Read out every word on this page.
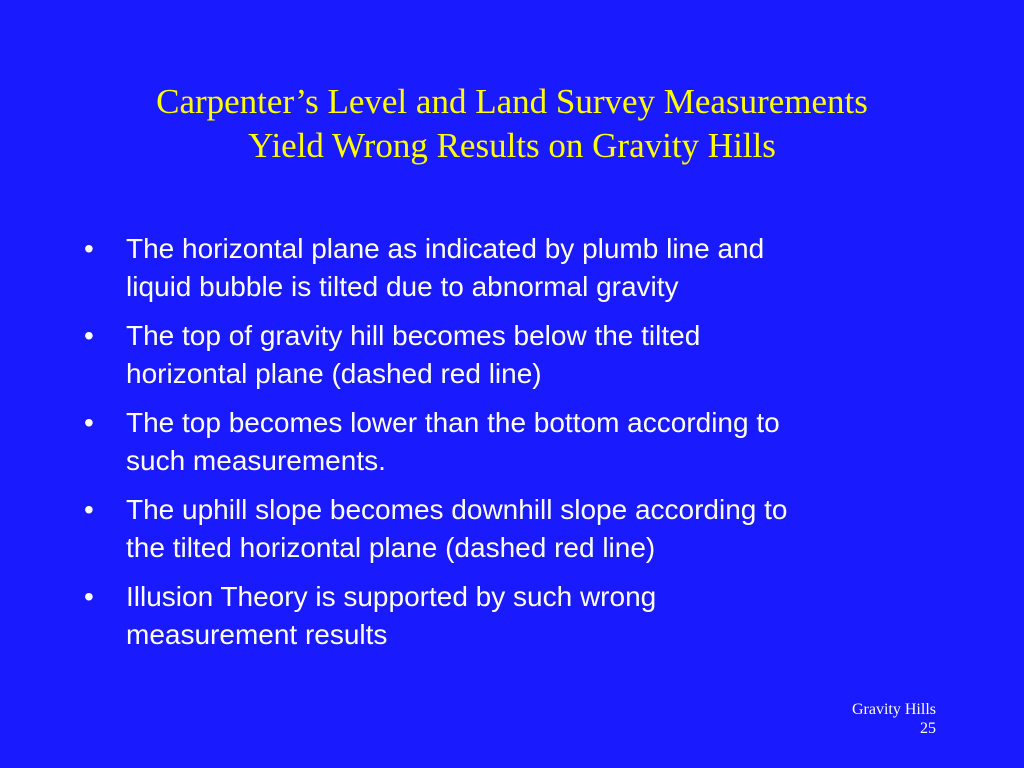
Carpenter’s Level and Land Survey Measurements
Yield Wrong Results on Gravity Hills
•	The horizontal plane as indicated by plumb line and
liquid bubble is tilted due to abnormal gravity
•	The top of gravity hill becomes below the tilted
horizontal plane (dashed red line)
•	The top becomes lower than the bottom according to
such measurements.
•	The uphill slope becomes downhill slope according to
the tilted horizontal plane (dashed red line)
•	Illusion Theory is supported by such wrong
measurement results
Gravity Hills
25
